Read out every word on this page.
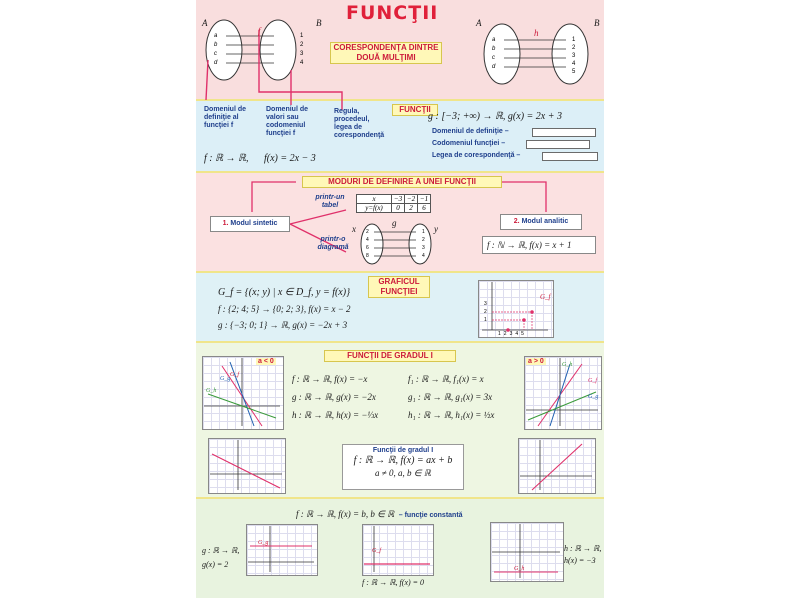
FUNCŢII
A	B
f
a
b
c
d
1
2
3
4
CORESPONDENŢA DINTRE DOUĂ MULŢIMI
A	B
h
a
b
c
d
1
2
3
4
5
FUNCŢII
Domeniul de definiţie al funcţiei f
Domeniul de valori sau codomeniul funcţiei f
Regula, procedeul, legea de corespondenţă
f : ℝ → ℝ, f(x) = 2x − 3
g : [−3; +∞) → ℝ, g(x) = 2x + 3
Domeniul de definiţie –
Codomeniul funcţiei –
Legea de corespondenţă –
MODURI DE DEFINIRE A UNEI FUNCŢII
1. Modul sintetic	2. Modul analitic
printr-un tabel
printr-o diagramă
x	−3 −2 −1
y=f(x)	0	2	6
x	y
g
2
4
6
8
1
2
3
4
f : ℕ → ℝ, f(x) = x + 1
GRAFICUL FUNCŢIEI
G_f = {(x; y) | x ∈ D_f, y = f(x)}
f : {2; 4; 5} → {0; 2; 3}, f(x) = x − 2
g : {−3; 0; 1} → ℝ, g(x) = −2x + 3
G_f
1 2 3 4 5
3
2
1
FUNCŢII DE GRADUL I
a < 0
G_f
G_g
G_h
a > 0	G_h
G_f
G_g
f : ℝ → ℝ, f(x) = −x
g : ℝ → ℝ, g(x) = −2x
h : ℝ → ℝ, h(x) = −⅓x
f₁ : ℝ → ℝ, f₁(x) = x
g₁ : ℝ → ℝ, g₁(x) = 3x
h₁ : ℝ → ℝ, h₁(x) = ½x
Funcţii de gradul I
f : ℝ → ℝ, f(x) = ax + b
a ≠ 0, a, b ∈ ℝ
f : ℝ → ℝ, f(x) = b, b ∈ ℝ – funcţie constantă
g : ℝ → ℝ,
g(x) = 2
G_g
G_f
f : ℝ → ℝ, f(x) = 0
G_h
h : ℝ → ℝ,
h(x) = −3
